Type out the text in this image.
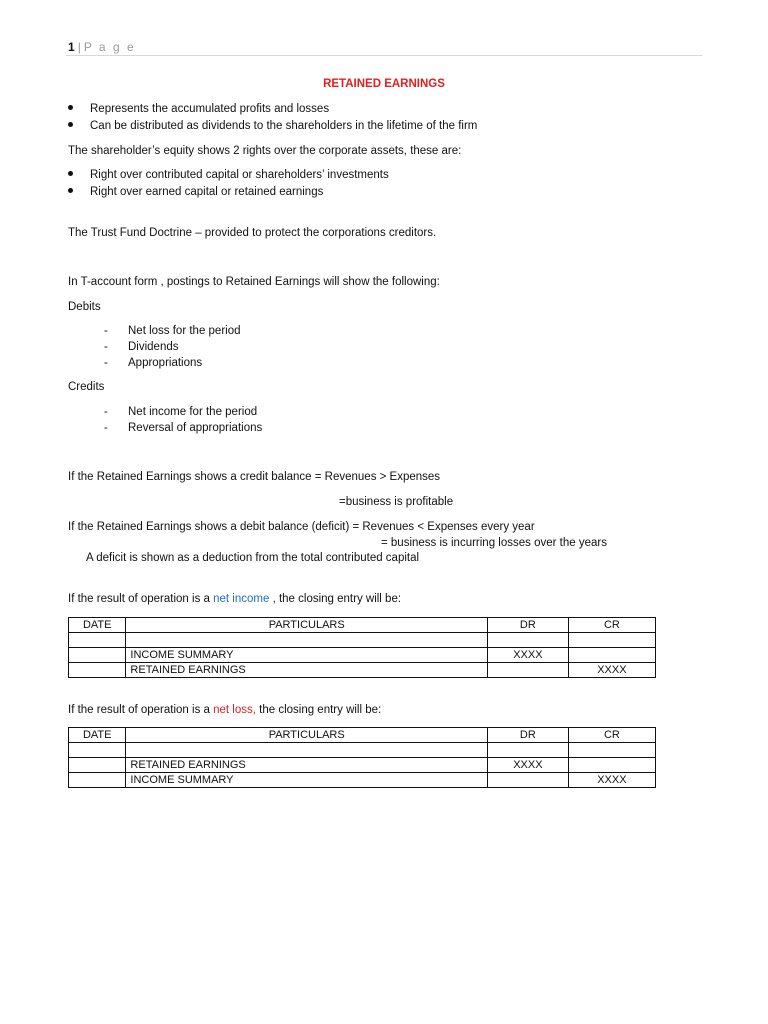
1 | P a g e
RETAINED EARNINGS
Represents the accumulated profits and losses
Can be distributed as dividends to the shareholders in the lifetime of the firm
The shareholder’s equity shows 2 rights over the corporate assets, these are:
Right over contributed capital or shareholders’ investments
Right over earned capital or retained earnings
The Trust Fund Doctrine – provided to protect the corporations creditors.
In T-account form , postings to Retained Earnings will show the following:
Debits
- Net loss for the period
- Dividends
- Appropriations
Credits
- Net income for the period
- Reversal of appropriations
If the Retained Earnings shows a credit balance = Revenues > Expenses
=business is profitable
If the Retained Earnings shows a debit balance (deficit) = Revenues < Expenses every year
= business is incurring losses over the years
A deficit is shown as a deduction from the total contributed capital
If the result of operation is a net income , the closing entry will be:
DATE	PARTICULARS	DR	CR

	INCOME SUMMARY	XXXX	
	RETAINED EARNINGS		XXXX
If the result of operation is a net loss, the closing entry will be:
DATE	PARTICULARS	DR	CR

	RETAINED EARNINGS	XXXX	
	INCOME SUMMARY		XXXX
